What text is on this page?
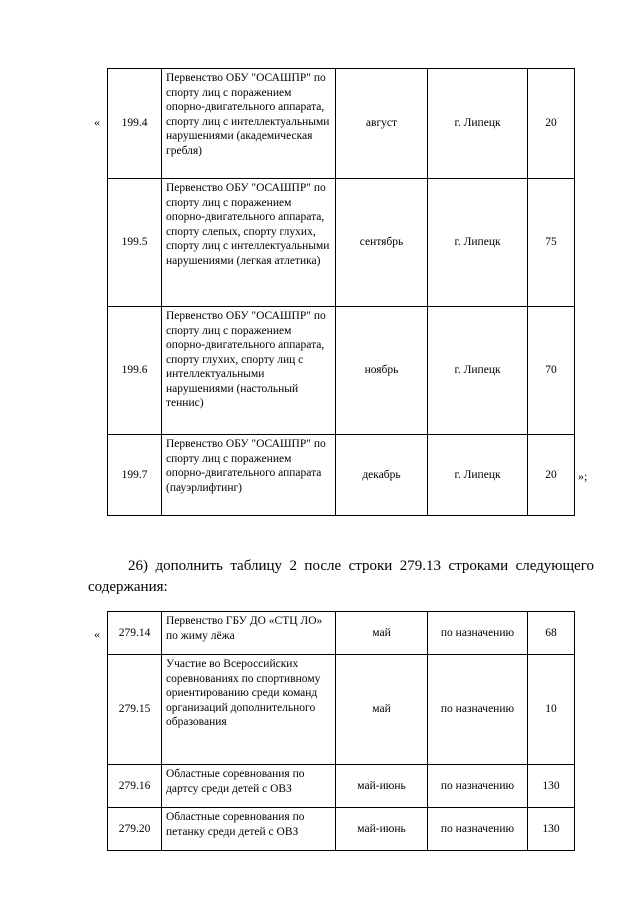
« 199.4	Первенство ОБУ "ОСАШПР" по спорту лиц с поражением опорно-двигательного аппарата, спорту лиц с интеллектуальными нарушениями (академическая гребля)	август	г. Липецк	20
199.5	Первенство ОБУ "ОСАШПР" по спорту лиц с поражением опорно-двигательного аппарата, спорту слепых, спорту глухих, спорту лиц с интеллектуальными нарушениями (легкая атлетика)	сентябрь	г. Липецк	75
199.6	Первенство ОБУ "ОСАШПР" по спорту лиц с поражением опорно-двигательного аппарата, спорту глухих, спорту лиц с интеллектуальными нарушениями (настольный теннис)	ноябрь	г. Липецк	70
199.7	Первенство ОБУ "ОСАШПР" по спорту лиц с поражением опорно-двигательного аппарата (пауэрлифтинг)	декабрь	г. Липецк	20 »;

26) дополнить таблицу 2 после строки 279.13 строками следующего содержания:

« 279.14	Первенство ГБУ ДО «СТЦ ЛО» по жиму лёжа	май	по назначению	68
279.15	Участие во Всероссийских соревнованиях по спортивному ориентированию среди команд организаций дополнительного образования	май	по назначению	10
279.16	Областные соревнования по дартсу среди детей с ОВЗ	май-июнь	по назначению	130
279.20	Областные соревнования по петанку среди детей с ОВЗ	май-июнь	по назначению	130
